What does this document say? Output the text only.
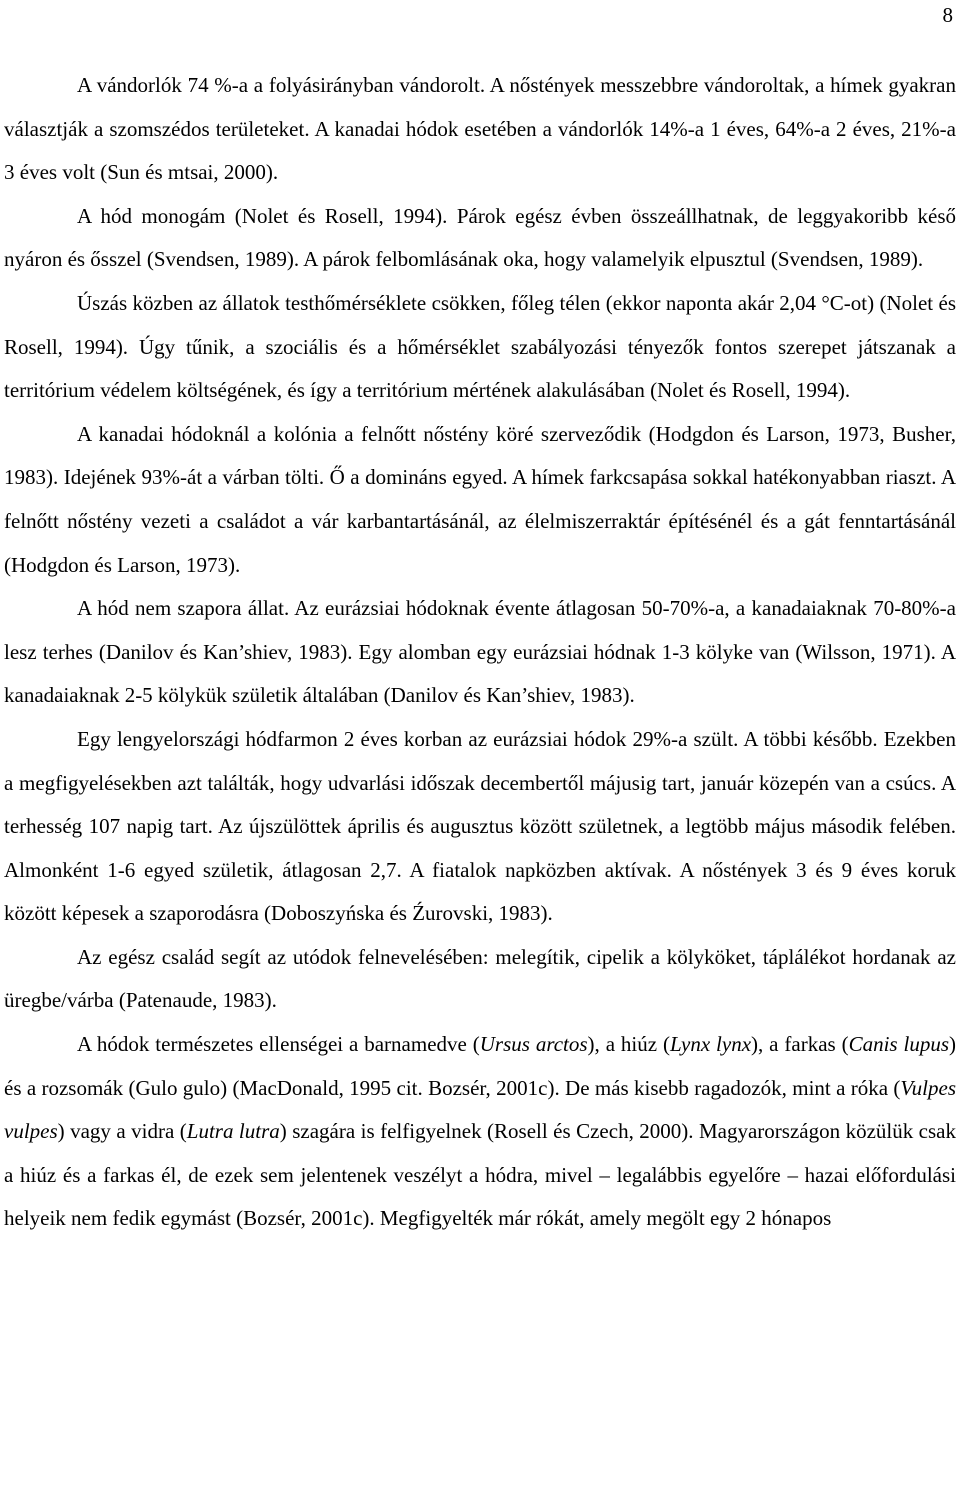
8

A vándorlók 74 %-a a folyásirányban vándorolt. A nőstények messzebbre vándoroltak, a hímek gyakran választják a szomszédos területeket. A kanadai hódok esetében a vándorlók 14%-a 1 éves, 64%-a 2 éves, 21%-a 3 éves volt (Sun és mtsai, 2000).

A hód monogám (Nolet és Rosell, 1994). Párok egész évben összeállhatnak, de leggyakoribb késő nyáron és ősszel (Svendsen, 1989). A párok felbomlásának oka, hogy valamelyik elpusztul (Svendsen, 1989).

Úszás közben az állatok testhőmérséklete csökken, főleg télen (ekkor naponta akár 2,04 °C-ot) (Nolet és Rosell, 1994). Úgy tűnik, a szociális és a hőmérséklet szabályozási tényezők fontos szerepet játszanak a territórium védelem költségének, és így a territórium mértének alakulásában (Nolet és Rosell, 1994).

A kanadai hódoknál a kolónia a felnőtt nőstény köré szerveződik (Hodgdon és Larson, 1973, Busher, 1983). Idejének 93%-át a várban tölti. Ő a domináns egyed. A hímek farkcsapása sokkal hatékonyabban riaszt. A felnőtt nőstény vezeti a családot a vár karbantartásánál, az élelmiszerraktár építésénél és a gát fenntartásánál (Hodgdon és Larson, 1973).

A hód nem szapora állat. Az eurázsiai hódoknak évente átlagosan 50-70%-a, a kanadaiaknak 70-80%-a lesz terhes (Danilov és Kan’shiev, 1983). Egy alomban egy eurázsiai hódnak 1-3 kölyke van (Wilsson, 1971). A kanadaiaknak 2-5 kölykük születik általában (Danilov és Kan’shiev, 1983).

Egy lengyelországi hódfarmon 2 éves korban az eurázsiai hódok 29%-a szült. A többi később. Ezekben a megfigyelésekben azt találták, hogy udvarlási időszak decembertől májusig tart, január közepén van a csúcs. A terhesség 107 napig tart. Az újszülöttek április és augusztus között születnek, a legtöbb május második felében. Almonként 1-6 egyed születik, átlagosan 2,7. A fiatalok napközben aktívak. A nőstények 3 és 9 éves koruk között képesek a szaporodásra (Doboszyńska és Źurovski, 1983).

Az egész család segít az utódok felnevelésében: melegítik, cipelik a kölyköket, táplálékot hordanak az üregbe/várba (Patenaude, 1983).

A hódok természetes ellenségei a barnamedve (Ursus arctos), a hiúz (Lynx lynx), a farkas (Canis lupus) és a rozsomák (Gulo gulo) (MacDonald, 1995 cit. Bozsér, 2001c). De más kisebb ragadozók, mint a róka (Vulpes vulpes) vagy a vidra (Lutra lutra) szagára is felfigyelnek (Rosell és Czech, 2000). Magyarországon közülük csak a hiúz és a farkas él, de ezek sem jelentenek veszélyt a hódra, mivel – legalábbis egyelőre – hazai előfordulási helyeik nem fedik egymást (Bozsér, 2001c). Megfigyelték már rókát, amely megölt egy 2 hónapos
